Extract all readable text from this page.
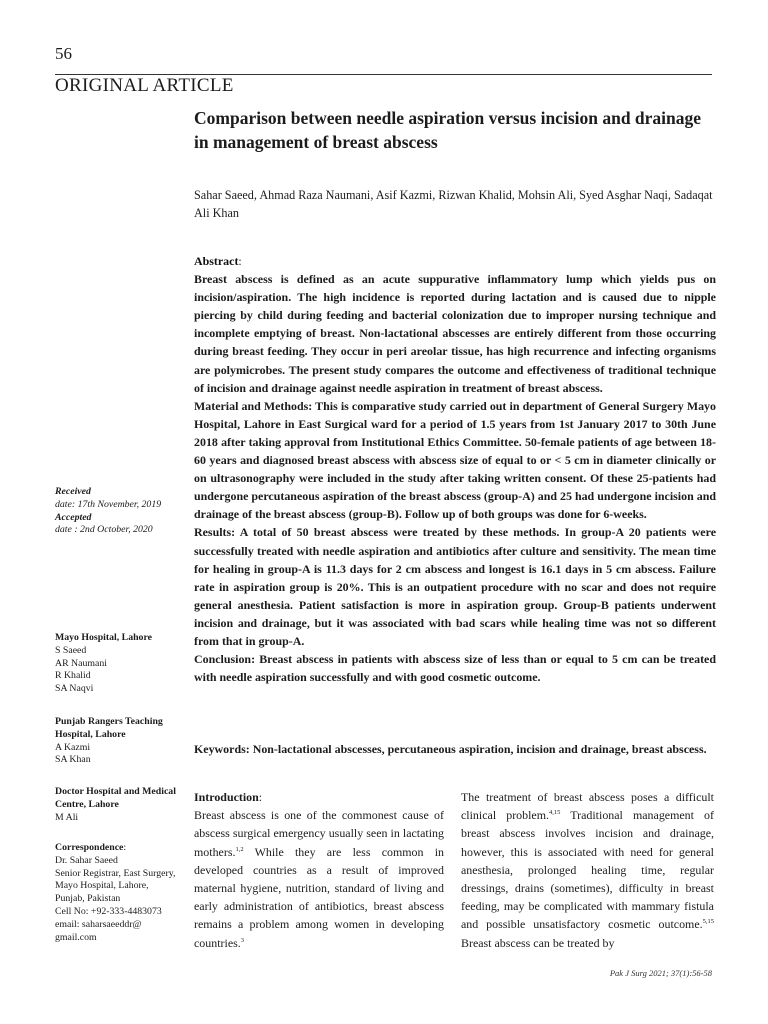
56
ORIGINAL ARTICLE
Comparison between needle aspiration versus incision and drainage in management of breast abscess
Sahar Saeed, Ahmad Raza Naumani, Asif Kazmi, Rizwan Khalid, Mohsin Ali, Syed Asghar Naqi, Sadaqat Ali Khan

Abstract:

Breast abscess is defined as an acute suppurative inflammatory lump which yields pus on incision/aspiration. The high incidence is reported during lactation and is caused due to nipple piercing by child during feeding and bacterial colonization due to improper nursing technique and incomplete emptying of breast. Non-lactational abscesses are entirely different from those occurring during breast feeding. They occur in peri areolar tissue, has high recurrence and infecting organisms are polymicrobes. The present study compares the outcome and effectiveness of traditional technique of incision and drainage against needle aspiration in treatment of breast abscess.

Material and Methods: This is comparative study carried out in department of General Surgery Mayo Hospital, Lahore in East Surgical ward for a period of 1.5 years from 1st January 2017 to 30th June 2018 after taking approval from Institutional Ethics Committee. 50-female patients of age between 18-60 years and diagnosed breast abscess with abscess size of equal to or < 5 cm in diameter clinically or on ultrasonography were included in the study after taking written consent. Of these 25-patients had undergone percutaneous aspiration of the breast abscess (group-A) and 25 had undergone incision and drainage of the breast abscess (group-B). Follow up of both groups was done for 6-weeks.

Results: A total of 50 breast abscess were treated by these methods. In group-A 20 patients were successfully treated with needle aspiration and antibiotics after culture and sensitivity. The mean time for healing in group-A is 11.3 days for 2 cm abscess and longest is 16.1 days in 5 cm abscess. Failure rate in aspiration group is 20%. This is an outpatient procedure with no scar and does not require general anesthesia. Patient satisfaction is more in aspiration group. Group-B patients underwent incision and drainage, but it was associated with bad scars while healing time was not so different from that in group-A.

Conclusion: Breast abscess in patients with abscess size of less than or equal to 5 cm can be treated with needle aspiration successfully and with good cosmetic outcome.

Keywords: Non-lactational abscesses, percutaneous aspiration, incision and drainage, breast abscess.

Introduction:

Breast abscess is one of the commonest cause of abscess surgical emergency usually seen in lactating mothers.$^{1,2}$ While they are less common in developed countries as a result of improved maternal hygiene, nutrition, standard of living and early administration of antibiotics, breast abscess remains a problem among women in developing countries.$^3$

The treatment of breast abscess poses a difficult clinical problem.$^{4,15}$ Traditional management of breast abscess involves incision and drainage, however, this is associated with need for general anesthesia, prolonged healing time, regular dressings, drains (sometimes), difficulty in breast feeding, may be complicated with mammary fistula and possible unsatisfactory cosmetic outcome.$^{5,15}$ Breast abscess can be treated by

Received
date: 17th November, 2019
Accepted
date : 2nd October, 2020
Mayo Hospital, Lahore
S Saeed
AR Naumani
R Khalid
SA Naqvi
Punjab Rangers Teaching Hospital, Lahore
A Kazmi
SA Khan
Doctor Hospital and Medical Centre, Lahore
M Ali
Correspondence:
Dr. Sahar Saeed
Senior Registrar, East Surgery, Mayo Hospital, Lahore, Punjab, Pakistan
Cell No: +92-333-4483073
email: saharsaeeddr@ gmail.com
Pak J Surg 2021; 37(1):56-58
